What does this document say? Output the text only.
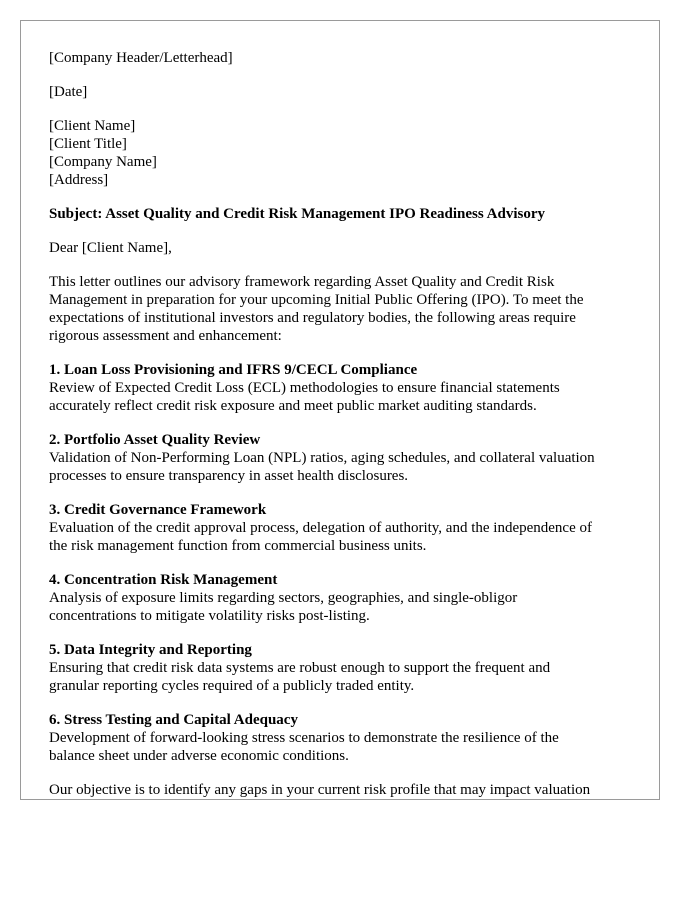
[Company Header/Letterhead]

[Date]

[Client Name]
[Client Title]
[Company Name]
[Address]

Subject: Asset Quality and Credit Risk Management IPO Readiness Advisory

Dear [Client Name],

This letter outlines our advisory framework regarding Asset Quality and Credit Risk
Management in preparation for your upcoming Initial Public Offering (IPO). To meet the
expectations of institutional investors and regulatory bodies, the following areas require
rigorous assessment and enhancement:
1. Loan Loss Provisioning and IFRS 9/CECL Compliance
Review of Expected Credit Loss (ECL) methodologies to ensure financial statements
accurately reflect credit risk exposure and meet public market auditing standards.
2. Portfolio Asset Quality Review
Validation of Non-Performing Loan (NPL) ratios, aging schedules, and collateral valuation
processes to ensure transparency in asset health disclosures.
3. Credit Governance Framework
Evaluation of the credit approval process, delegation of authority, and the independence of
the risk management function from commercial business units.
4. Concentration Risk Management
Analysis of exposure limits regarding sectors, geographies, and single-obligor
concentrations to mitigate volatility risks post-listing.
5. Data Integrity and Reporting
Ensuring that credit risk data systems are robust enough to support the frequent and
granular reporting cycles required of a publicly traded entity.
6. Stress Testing and Capital Adequacy
Development of forward-looking stress scenarios to demonstrate the resilience of the
balance sheet under adverse economic conditions.

Our objective is to identify any gaps in your current risk profile that may impact valuation
